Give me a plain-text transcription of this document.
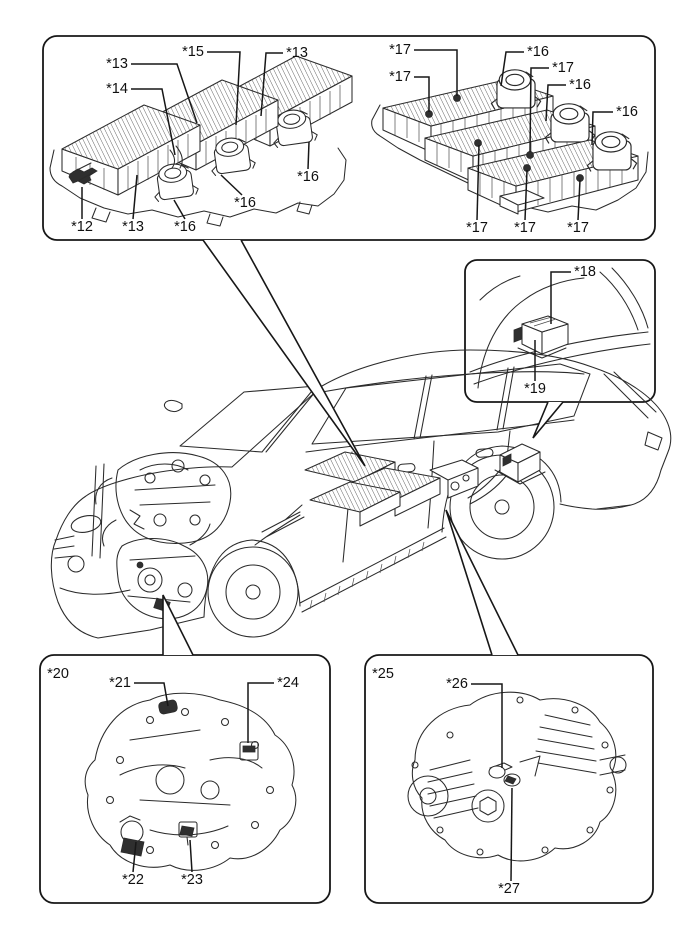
*13
*14
*15	*13
*12 *13 *16
*16
*16
*17
*17
*16
*17
*16
*16
*17 *17 *17
*18
*19
*20
*21	*24
*22	*23
*25
*26
*27
